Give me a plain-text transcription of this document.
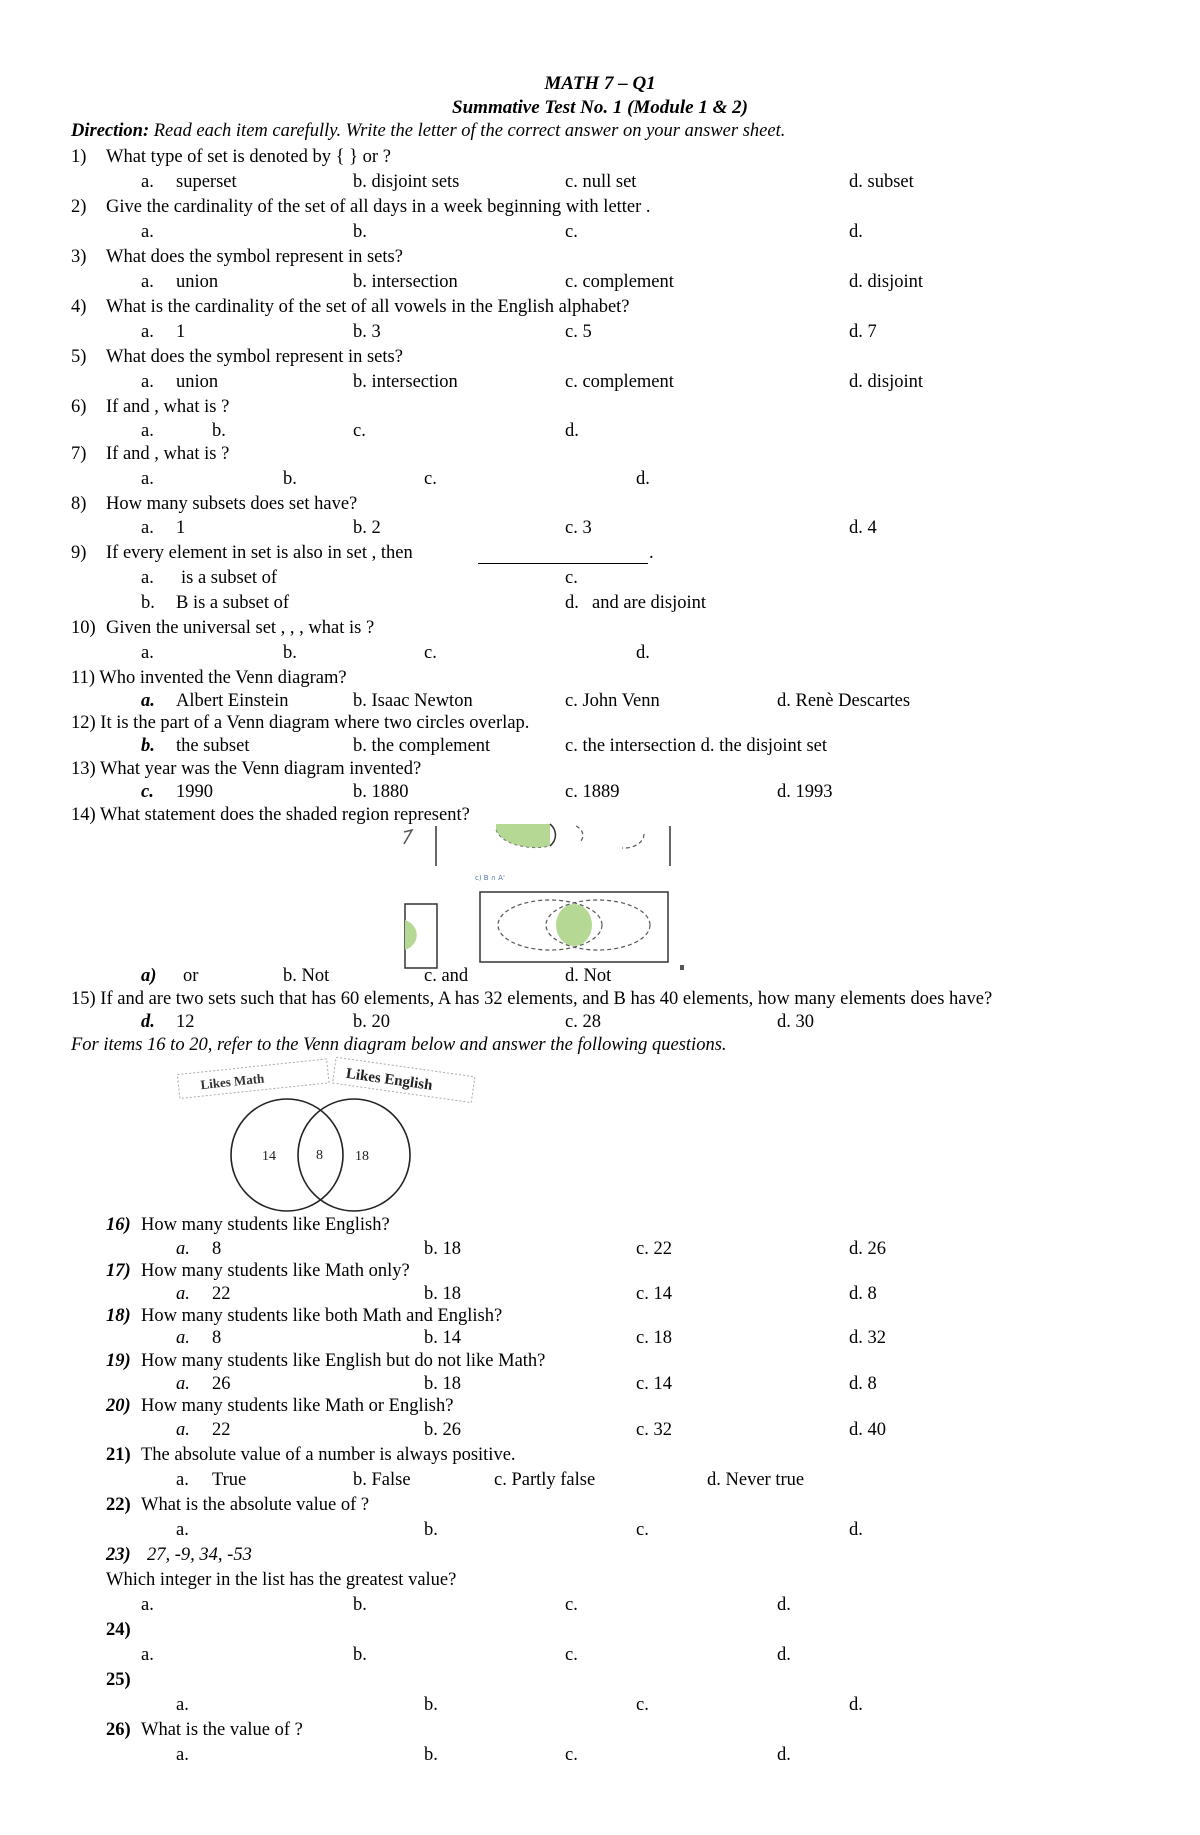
MATH 7 – Q1
Summative Test No. 1 (Module 1 & 2)
Direction: Read each item carefully. Write the letter of the correct answer on your answer sheet.
1) What type of set is denoted by { } or ?
a. superset	b. disjoint sets	c. null set	d. subset
2) Give the cardinality of the set of all days in a week beginning with letter .
a.	b.	c.	d.
3) What does the symbol represent in sets?
a. union	b. intersection	c. complement	d. disjoint
4) What is the cardinality of the set of all vowels in the English alphabet?
a. 1	b. 3	c. 5	d. 7
5) What does the symbol represent in sets?
a. union	b. intersection	c. complement	d. disjoint
6) If and , what is ?
a.	b.	c.	d.
7) If and , what is ?
a.	b.	c.	d.
8) How many subsets does set have?
a. 1	b. 2	c. 3	d. 4
9) If every element in set is also in set , then	.
a. is a subset of	c.
b. B is a subset of	d. and are disjoint
10) Given the universal set , , , what is ?
a.	b.	c.	d.
11) Who invented the Venn diagram?
a. Albert Einstein	b. Isaac Newton	c. John Venn	d. Renè Descartes
12) It is the part of a Venn diagram where two circles overlap.
b. the subset	b. the complement	c. the intersection d. the disjoint set
13) What year was the Venn diagram invented?
c. 1990	b. 1880	c. 1889	d. 1993
14) What statement does the shaded region represent?
c) B ∩ A'
a) or	b. Not	c. and	d. Not
15) If and are two sets such that has 60 elements, A has 32 elements, and B has 40 elements, how many elements does have?
d. 12	b. 20	c. 28	d. 30
For items 16 to 20, refer to the Venn diagram below and answer the following questions.
Likes Math	Likes English
14	8 18
16) How many students like English?
a. 8	b. 18	c. 22	d. 26
17) How many students like Math only?
a. 22	b. 18	c. 14	d. 8
18) How many students like both Math and English?
a. 8	b. 14	c. 18	d. 32
19) How many students like English but do not like Math?
a. 26	b. 18	c. 14	d. 8
20) How many students like Math or English?
a. 22	b. 26	c. 32	d. 40
21) The absolute value of a number is always positive.
a. True	b. False	c. Partly false	d. Never true
22) What is the absolute value of ?
a.	b.	c.	d.
23) 27, -9, 34, -53
Which integer in the list has the greatest value?
a.	b.	c.	d.
24)
a.	b.	c.	d.
25)
a.	b.	c.	d.
26) What is the value of ?
a.	b.	c.	d.
